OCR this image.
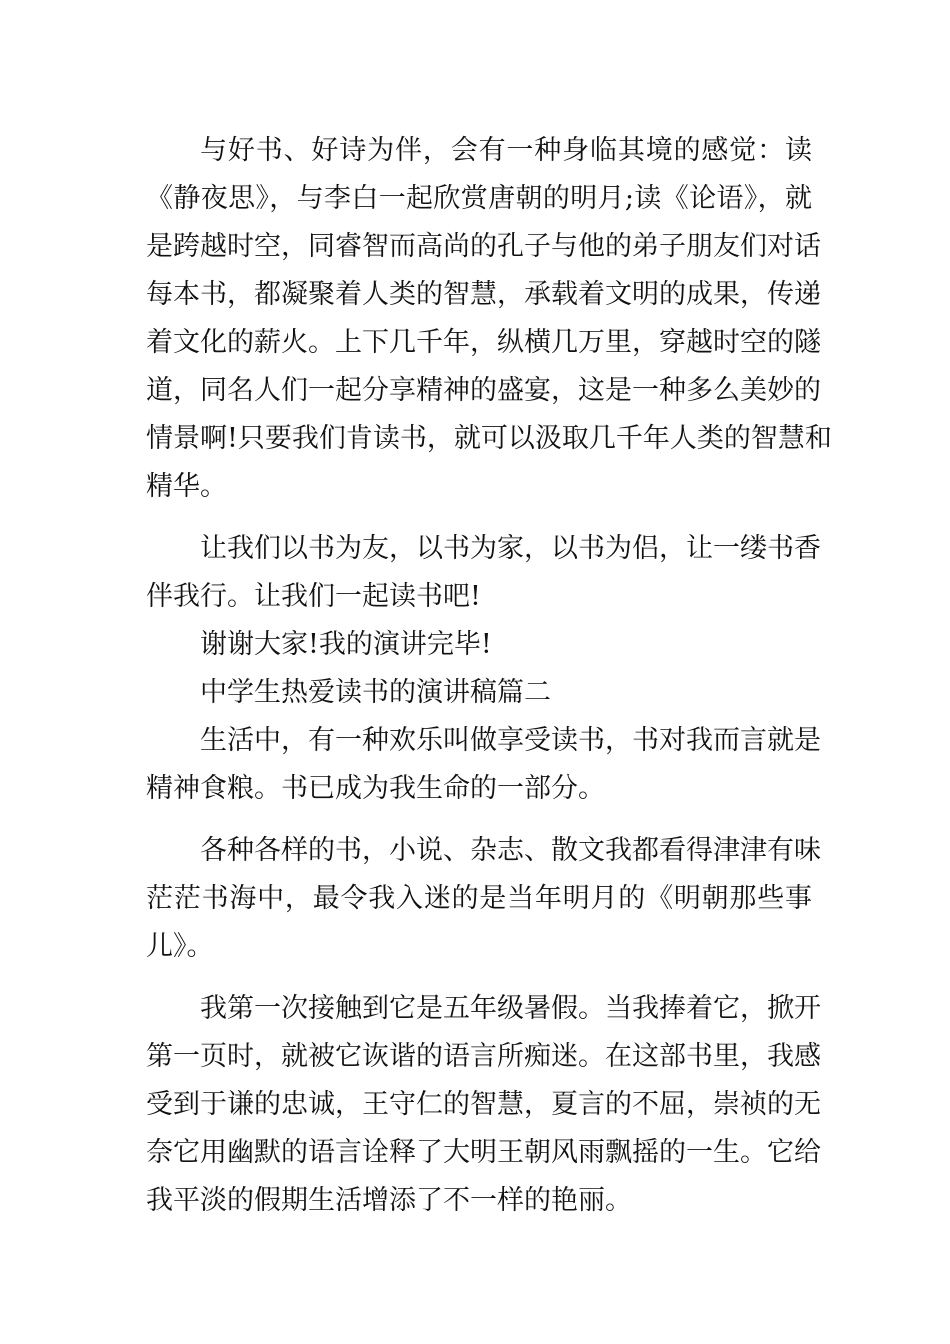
与好书、好诗为伴，会有一种身临其境的感觉：读
《静夜思》，与李白一起欣赏唐朝的明月;读《论语》，就
是跨越时空，同睿智而高尚的孔子与他的弟子朋友们对话
每本书，都凝聚着人类的智慧，承载着文明的成果，传递
着文化的薪火。上下几千年，纵横几万里，穿越时空的隧
道，同名人们一起分享精神的盛宴，这是一种多么美妙的
情景啊!只要我们肯读书，就可以汲取几千年人类的智慧和
精华。
让我们以书为友，以书为家，以书为侣，让一缕书香
伴我行。让我们一起读书吧!
谢谢大家!我的演讲完毕!
中学生热爱读书的演讲稿篇二
生活中，有一种欢乐叫做享受读书，书对我而言就是
精神食粮。书已成为我生命的一部分。
各种各样的书，小说、杂志、散文我都看得津津有味
茫茫书海中，最令我入迷的是当年明月的《明朝那些事
儿》。
我第一次接触到它是五年级暑假。当我捧着它，掀开
第一页时，就被它诙谐的语言所痴迷。在这部书里，我感
受到于谦的忠诚，王守仁的智慧，夏言的不屈，崇祯的无
奈它用幽默的语言诠释了大明王朝风雨飘摇的一生。它给
我平淡的假期生活增添了不一样的艳丽。
